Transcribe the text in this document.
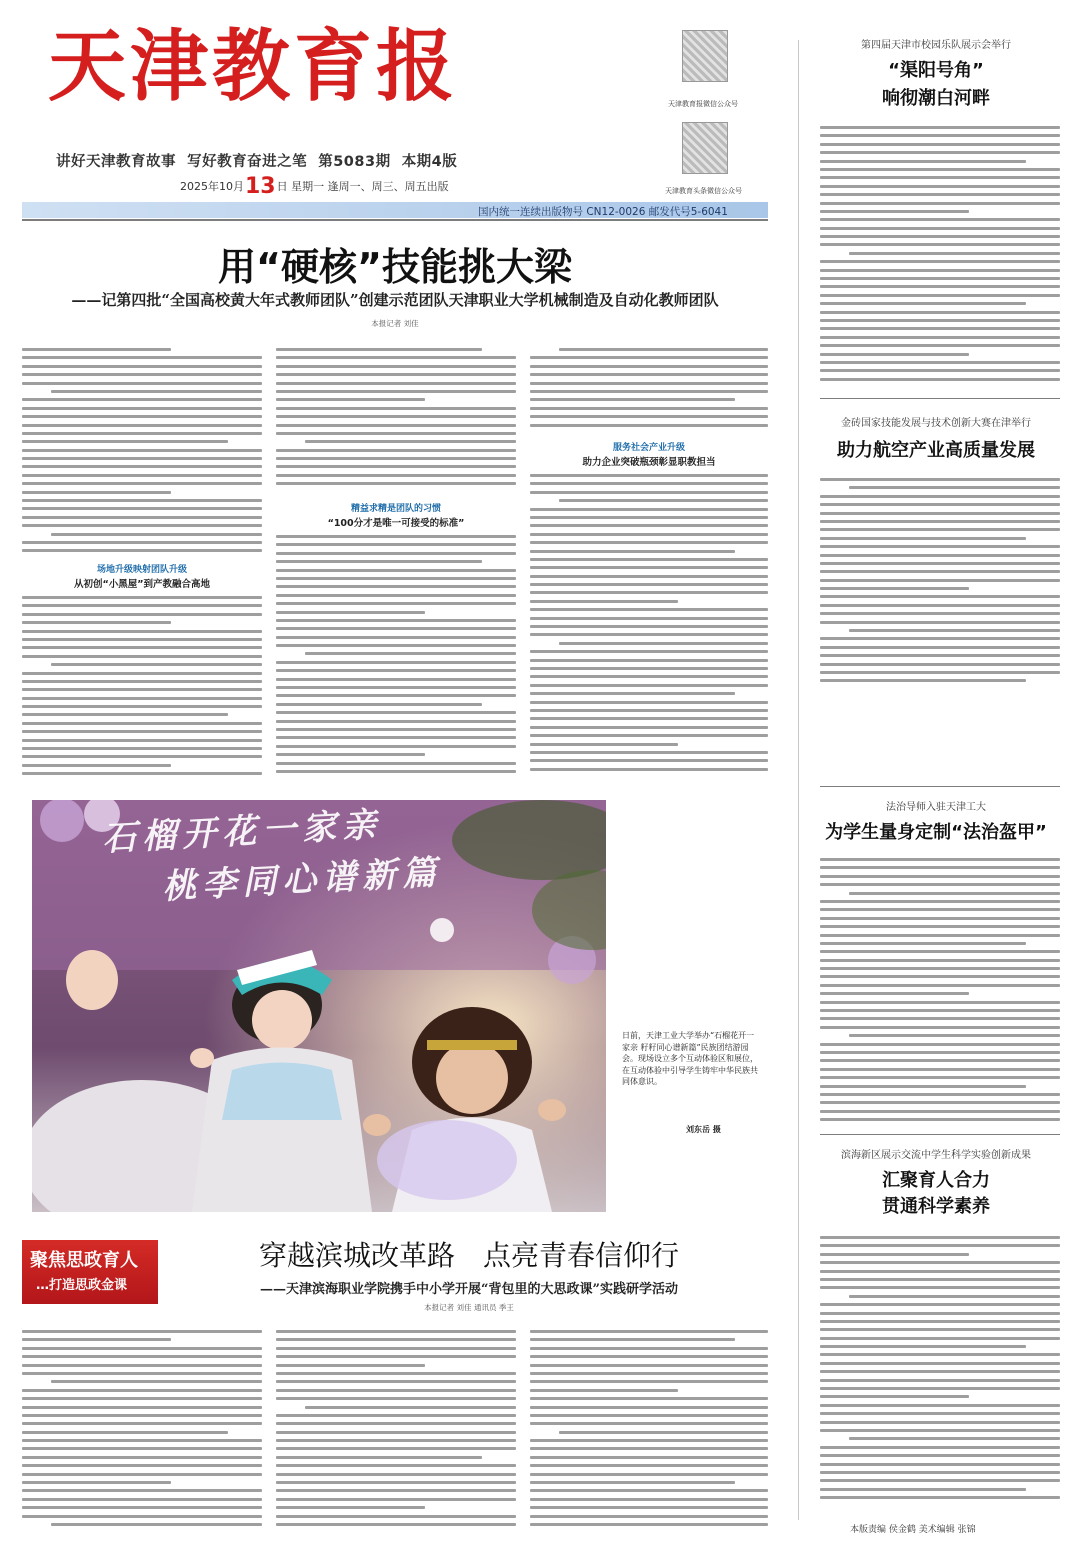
天津教育报
讲好天津教育故事 写好教育奋进之笔 第5083期 本期4版
2025年10月13日 星期一 逢周一、周三、周五出版
天津教育报微信公众号
天津教育头条微信公众号
国内统一连续出版物号 CN12-0026 邮发代号5-6041
用“硬核”技能挑大梁
——记第四批“全国高校黄大年式教师团队”创建示范团队天津职业大学机械制造及自动化教师团队
本报记者 刘佳
场地升级映射团队升级
从初创“小黑屋”到产教融合高地
精益求精是团队的习惯
“100分才是唯一可接受的标准”
服务社会产业升级
助力企业突破瓶颈彰显职教担当
石榴开花一家亲
桃李同心谱新篇
日前，天津工业大学举办“石榴花开一家亲 籽籽同心谱新篇”民族团结游园会。现场设立多个互动体验区和展位，在互动体验中引导学生铸牢中华民族共同体意识。
刘东岳 摄
聚焦思政育人
…打造思政金课
穿越滨城改革路　点亮青春信仰行
——天津滨海职业学院携手中小学开展“背包里的大思政课”实践研学活动
本报记者 刘佳 通讯员 季王
第四届天津市校园乐队展示会举行
“渠阳号角”
响彻潮白河畔
金砖国家技能发展与技术创新大赛在津举行
助力航空产业高质量发展
法治导师入驻天津工大
为学生量身定制“法治盔甲”
滨海新区展示交流中学生科学实验创新成果
汇聚育人合力
贯通科学素养
本版责编 侯金鹤 美术编辑 张锦
